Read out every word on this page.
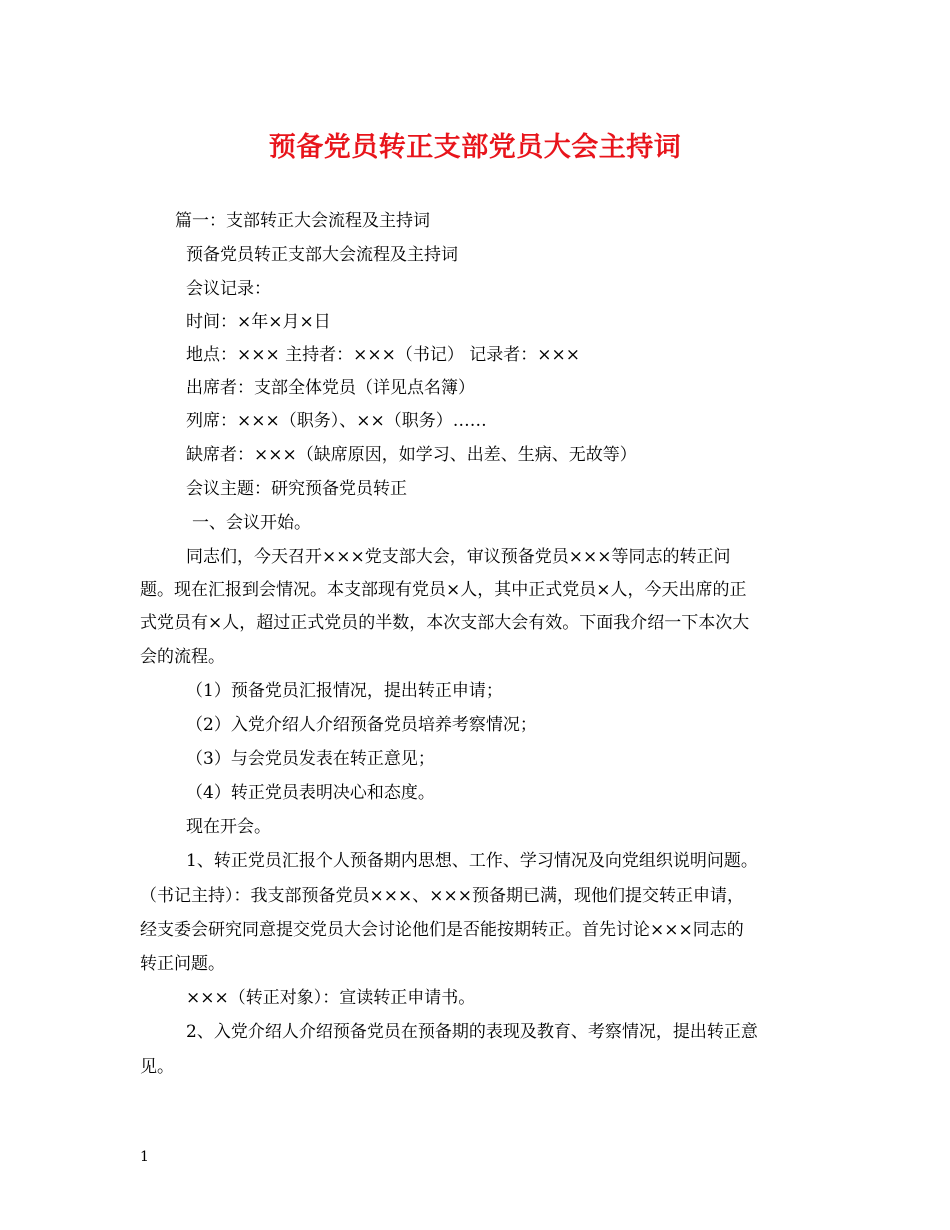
预备党员转正支部党员大会主持词
篇一：支部转正大会流程及主持词
预备党员转正支部大会流程及主持词
会议记录：
时间：×年×月×日
地点：××× 主持者：×××（书记） 记录者：×××
出席者：支部全体党员（详见点名簿）
列席：×××（职务）、××（职务）……
缺席者：×××（缺席原因，如学习、出差、生病、无故等）
会议主题：研究预备党员转正
一、会议开始。
同志们，今天召开×××党支部大会，审议预备党员×××等同志的转正问
题。现在汇报到会情况。本支部现有党员×人，其中正式党员×人，今天出席的正
式党员有×人，超过正式党员的半数，本次支部大会有效。下面我介绍一下本次大
会的流程。
（1）预备党员汇报情况，提出转正申请；
（2）入党介绍人介绍预备党员培养考察情况；
（3）与会党员发表在转正意见；
（4）转正党员表明决心和态度。
现在开会。
1、转正党员汇报个人预备期内思想、工作、学习情况及向党组织说明问题。
（书记主持）：我支部预备党员×××、×××预备期已满，现他们提交转正申请，
经支委会研究同意提交党员大会讨论他们是否能按期转正。首先讨论×××同志的
转正问题。
×××（转正对象）：宣读转正申请书。
2、入党介绍人介绍预备党员在预备期的表现及教育、考察情况，提出转正意
见。
1
